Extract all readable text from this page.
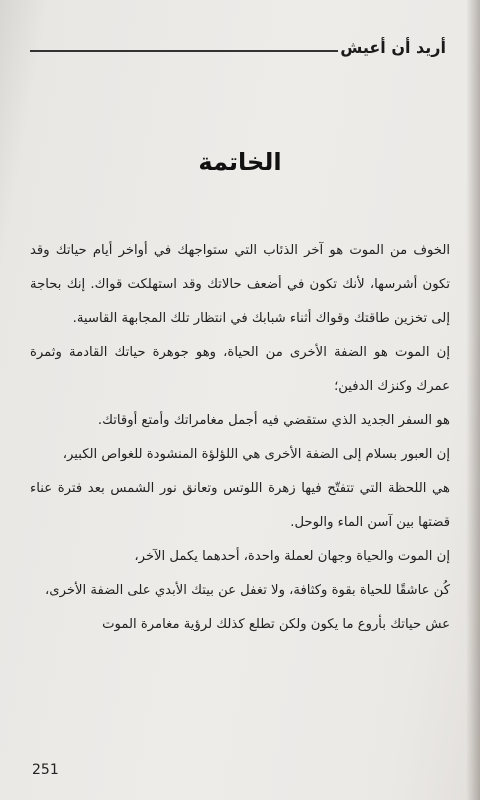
أريد أن أعيش
الخاتمة

الخوف من الموت هو آخر الذئاب التي ستواجهك في أواخر أيام حياتك وقد تكون أشرسها، لأنك تكون في أضعف حالاتك وقد استهلكت قواك. إنك بحاجة إلى تخزين طاقتك وقواك أثناء شبابك في انتظار تلك المجابهة القاسية.

إن الموت هو الضفة الأخرى من الحياة، وهو جوهرة حياتك القادمة وثمرة عمرك وكنزك الدفين؛

هو السفر الجديد الذي ستقضي فيه أجمل مغامراتك وأمتع أوقاتك.

إن العبور بسلام إلى الضفة الأخرى هي اللؤلؤة المنشودة للغواص الكبير،

هي اللحظة التي تتفتّح فيها زهرة اللوتس وتعانق نور الشمس بعد فترة عناء قضتها بين آسن الماء والوحل.

إن الموت والحياة وجهان لعملة واحدة، أحدهما يكمل الآخر،

كُن عاشقًا للحياة بقوة وكثافة، ولا تغفل عن بيتك الأبدي على الضفة الأخرى،

عش حياتك بأروع ما يكون ولكن تطلع كذلك لرؤية مغامرة الموت

251
